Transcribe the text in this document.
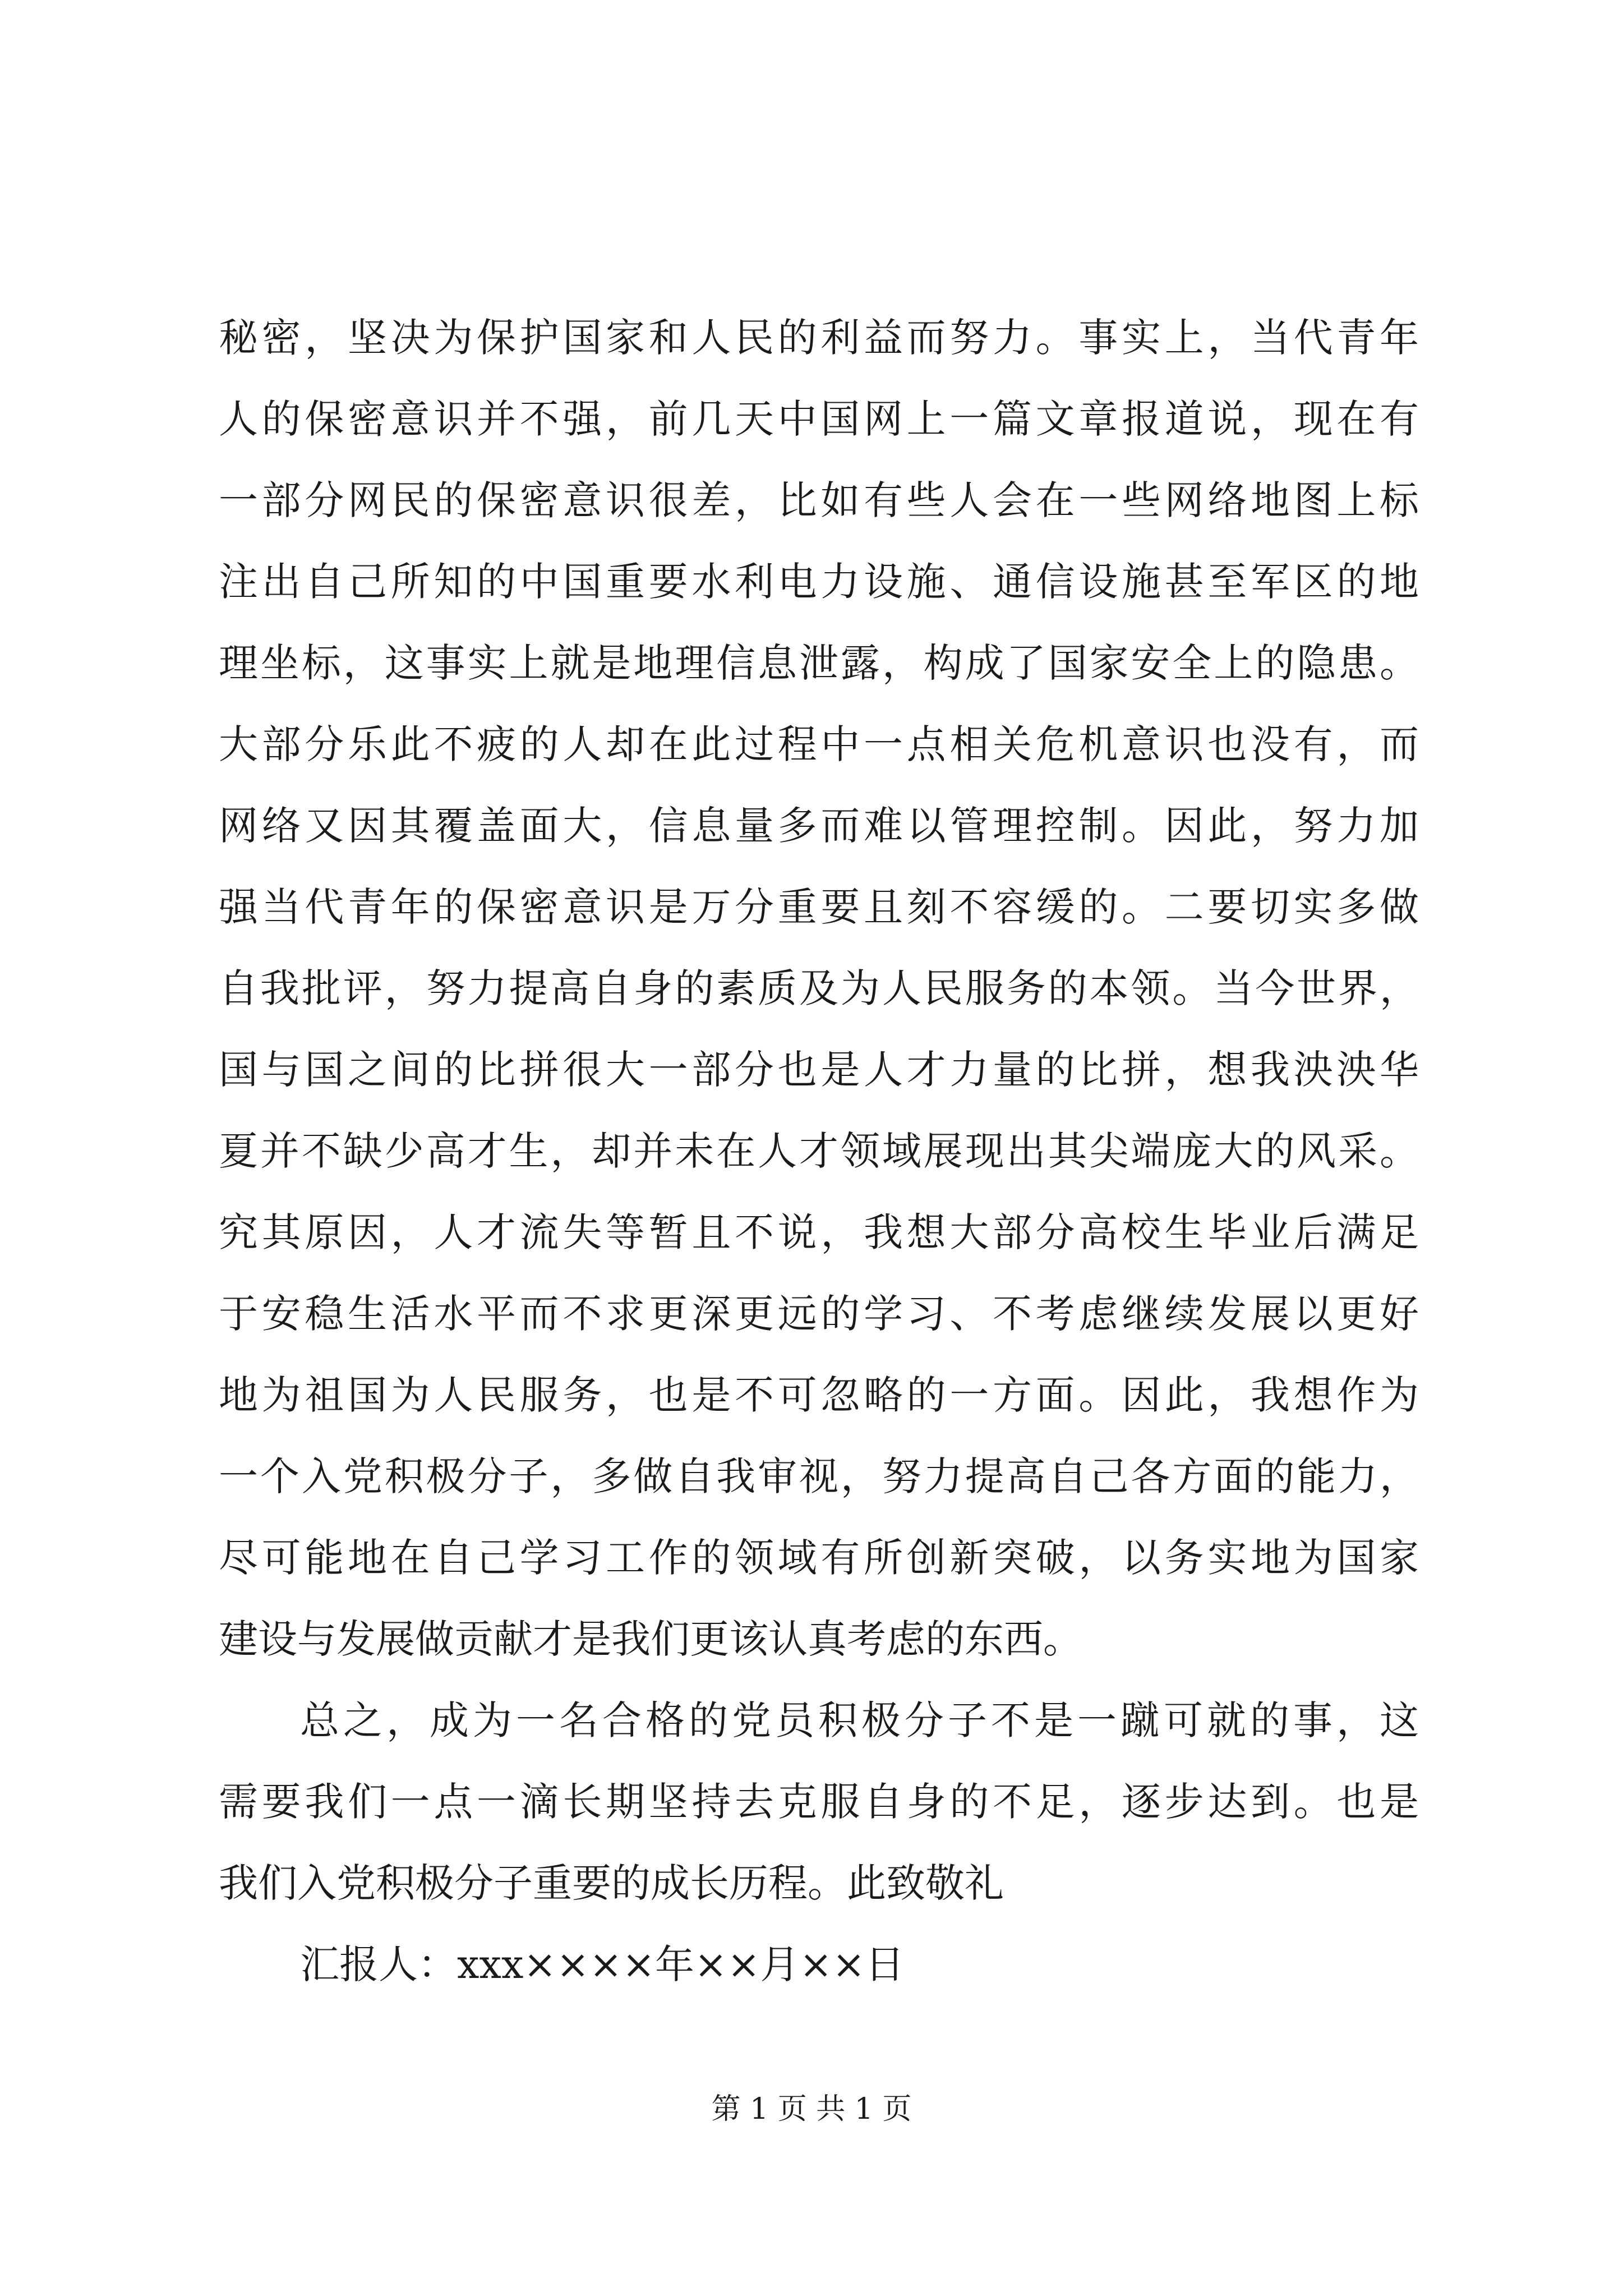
秘密，坚决为保护国家和人民的利益而努力。事实上，当代青年
人的保密意识并不强，前几天中国网上一篇文章报道说，现在有
一部分网民的保密意识很差，比如有些人会在一些网络地图上标
注出自己所知的中国重要水利电力设施、通信设施甚至军区的地
理坐标，这事实上就是地理信息泄露，构成了国家安全上的隐患。
大部分乐此不疲的人却在此过程中一点相关危机意识也没有，而
网络又因其覆盖面大，信息量多而难以管理控制。因此，努力加
强当代青年的保密意识是万分重要且刻不容缓的。二要切实多做
自我批评，努力提高自身的素质及为人民服务的本领。当今世界，
国与国之间的比拼很大一部分也是人才力量的比拼，想我泱泱华
夏并不缺少高才生，却并未在人才领域展现出其尖端庞大的风采。
究其原因，人才流失等暂且不说，我想大部分高校生毕业后满足
于安稳生活水平而不求更深更远的学习、不考虑继续发展以更好
地为祖国为人民服务，也是不可忽略的一方面。因此，我想作为
一个入党积极分子，多做自我审视，努力提高自己各方面的能力，
尽可能地在自己学习工作的领域有所创新突破，以务实地为国家
建设与发展做贡献才是我们更该认真考虑的东西。
总之，成为一名合格的党员积极分子不是一蹴可就的事，这
需要我们一点一滴长期坚持去克服自身的不足，逐步达到。也是
我们入党积极分子重要的成长历程。此致敬礼
汇报人：xxx××××年××月××日
第 1 页 共 1 页
